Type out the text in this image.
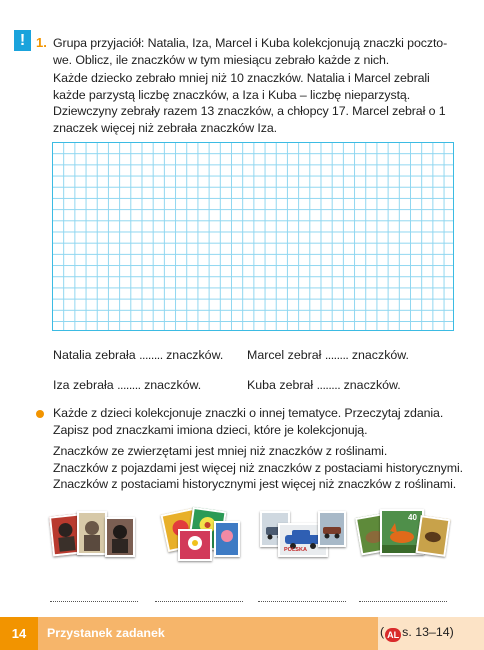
! 1. Grupa przyjaciół: Natalia, Iza, Marcel i Kuba kolekcjonują znaczki poczto-we. Oblicz, ile znaczków w tym miesiącu zebrało każde z nich.
Każde dziecko zebrało mniej niż 10 znaczków. Natalia i Marcel zebrali każde parzystą liczbę znaczków, a Iza i Kuba – liczbę nieparzystą. Dziewczyny zebrały razem 13 znaczków, a chłopcy 17. Marcel zebrał o 1 znaczek więcej niż zebrała znaczków Iza.
Natalia zebrała ........ znaczków. Marcel zebrał ........ znaczków.
Iza zebrała ........ znaczków.	Kuba zebrał ........ znaczków.
Każde z dzieci kolekcjonuje znaczki o innej tematyce. Przeczytaj zdania. Zapisz pod znaczkami imiona dzieci, które je kolekcjonują.
Znaczków ze zwierzętami jest mniej niż znaczków z roślinami.
Znaczków z pojazdami jest więcej niż znaczków z postaciami historycznymi.
Znaczków z postaciami historycznymi jest więcej niż znaczków z roślinami.
POLSKA
40
14	Przystanek zadanek	( AL s. 13–14)
